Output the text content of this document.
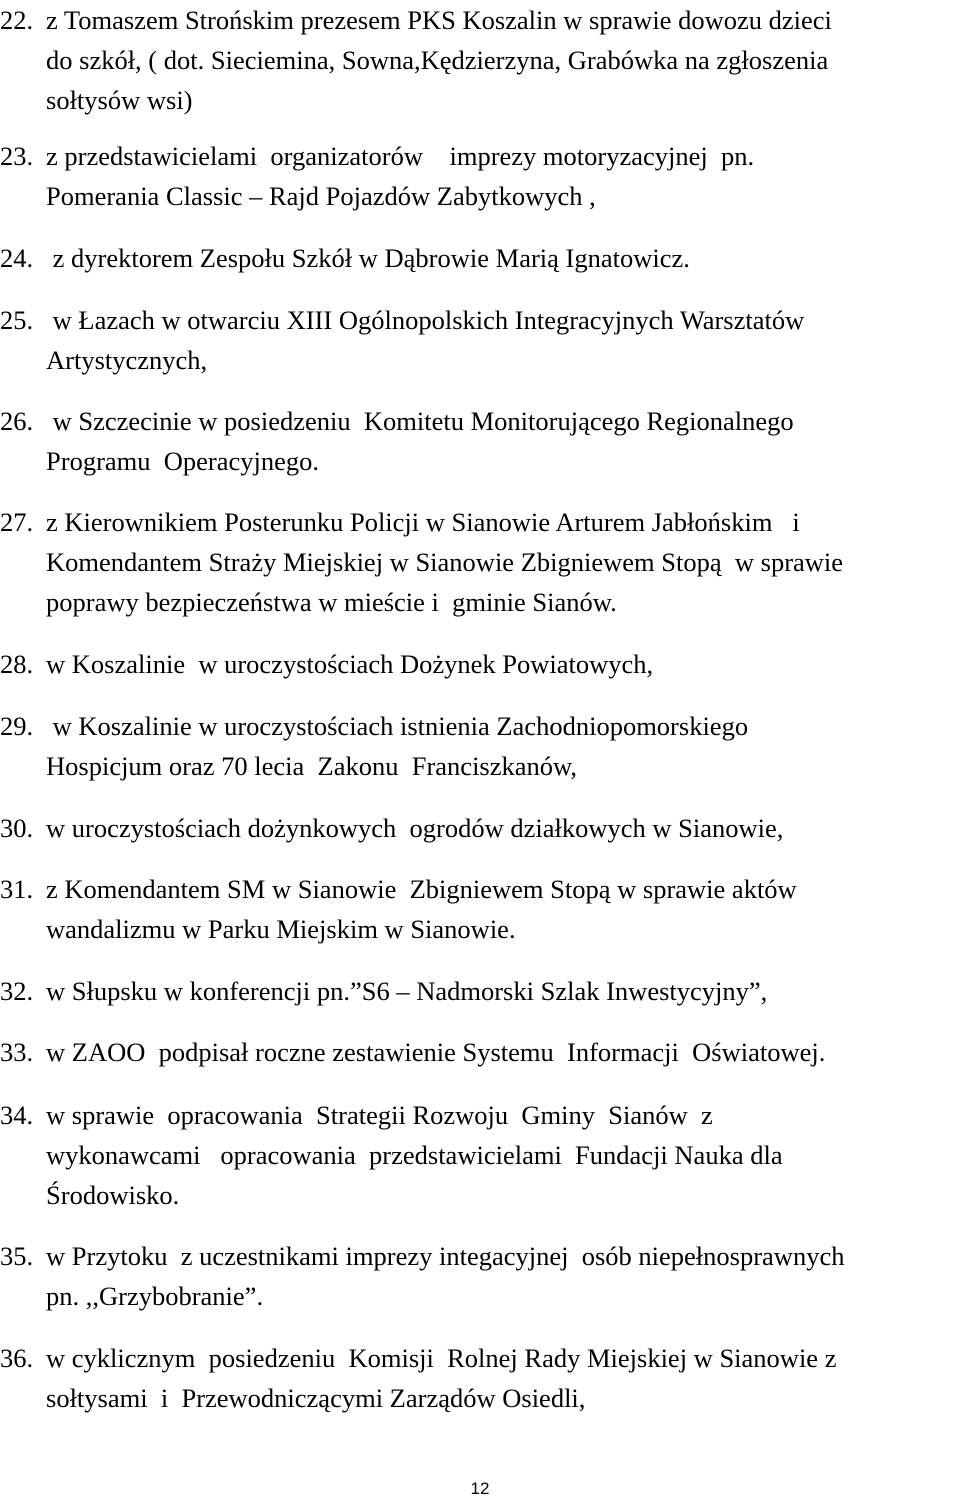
22. z Tomaszem Strońskim prezesem PKS Koszalin w sprawie dowozu dzieci
do szkół, ( dot. Sieciemina, Sowna,Kędzierzyna, Grabówka na zgłoszenia
sołtysów wsi)
23. z przedstawicielami  organizatorów    imprezy motoryzacyjnej  pn.
Pomerania Classic – Rajd Pojazdów Zabytkowych ,
24. z dyrektorem Zespołu Szkół w Dąbrowie Marią Ignatowicz.
25. w Łazach w otwarciu XIII Ogólnopolskich Integracyjnych Warsztatów
Artystycznych,
26. w Szczecinie w posiedzeniu  Komitetu Monitorującego Regionalnego
Programu  Operacyjnego.
27. z Kierownikiem Posterunku Policji w Sianowie Arturem Jabłońskim   i
Komendantem Straży Miejskiej w Sianowie Zbigniewem Stopą  w sprawie
poprawy bezpieczeństwa w mieście i  gminie Sianów.
28. w Koszalinie  w uroczystościach Dożynek Powiatowych,
29. w Koszalinie w uroczystościach istnienia Zachodniopomorskiego
Hospicjum oraz 70 lecia  Zakonu  Franciszkanów,
30. w uroczystościach dożynkowych  ogrodów działkowych w Sianowie,
31. z Komendantem SM w Sianowie  Zbigniewem Stopą w sprawie aktów
wandalizmu w Parku Miejskim w Sianowie.
32. w Słupsku w konferencji pn.”S6 – Nadmorski Szlak Inwestycyjny”,
33. w ZAOO  podpisał roczne zestawienie Systemu  Informacji  Oświatowej.
34. w sprawie  opracowania  Strategii Rozwoju  Gminy  Sianów  z
wykonawcami   opracowania  przedstawicielami  Fundacji Nauka dla
Środowisko.
35. w Przytoku  z uczestnikami imprezy integacyjnej  osób niepełnosprawnych
pn. ,,Grzybobranie”.
36. w cyklicznym  posiedzeniu  Komisji  Rolnej Rady Miejskiej w Sianowie z
sołtysami  i  Przewodniczącymi Zarządów Osiedli,
12
